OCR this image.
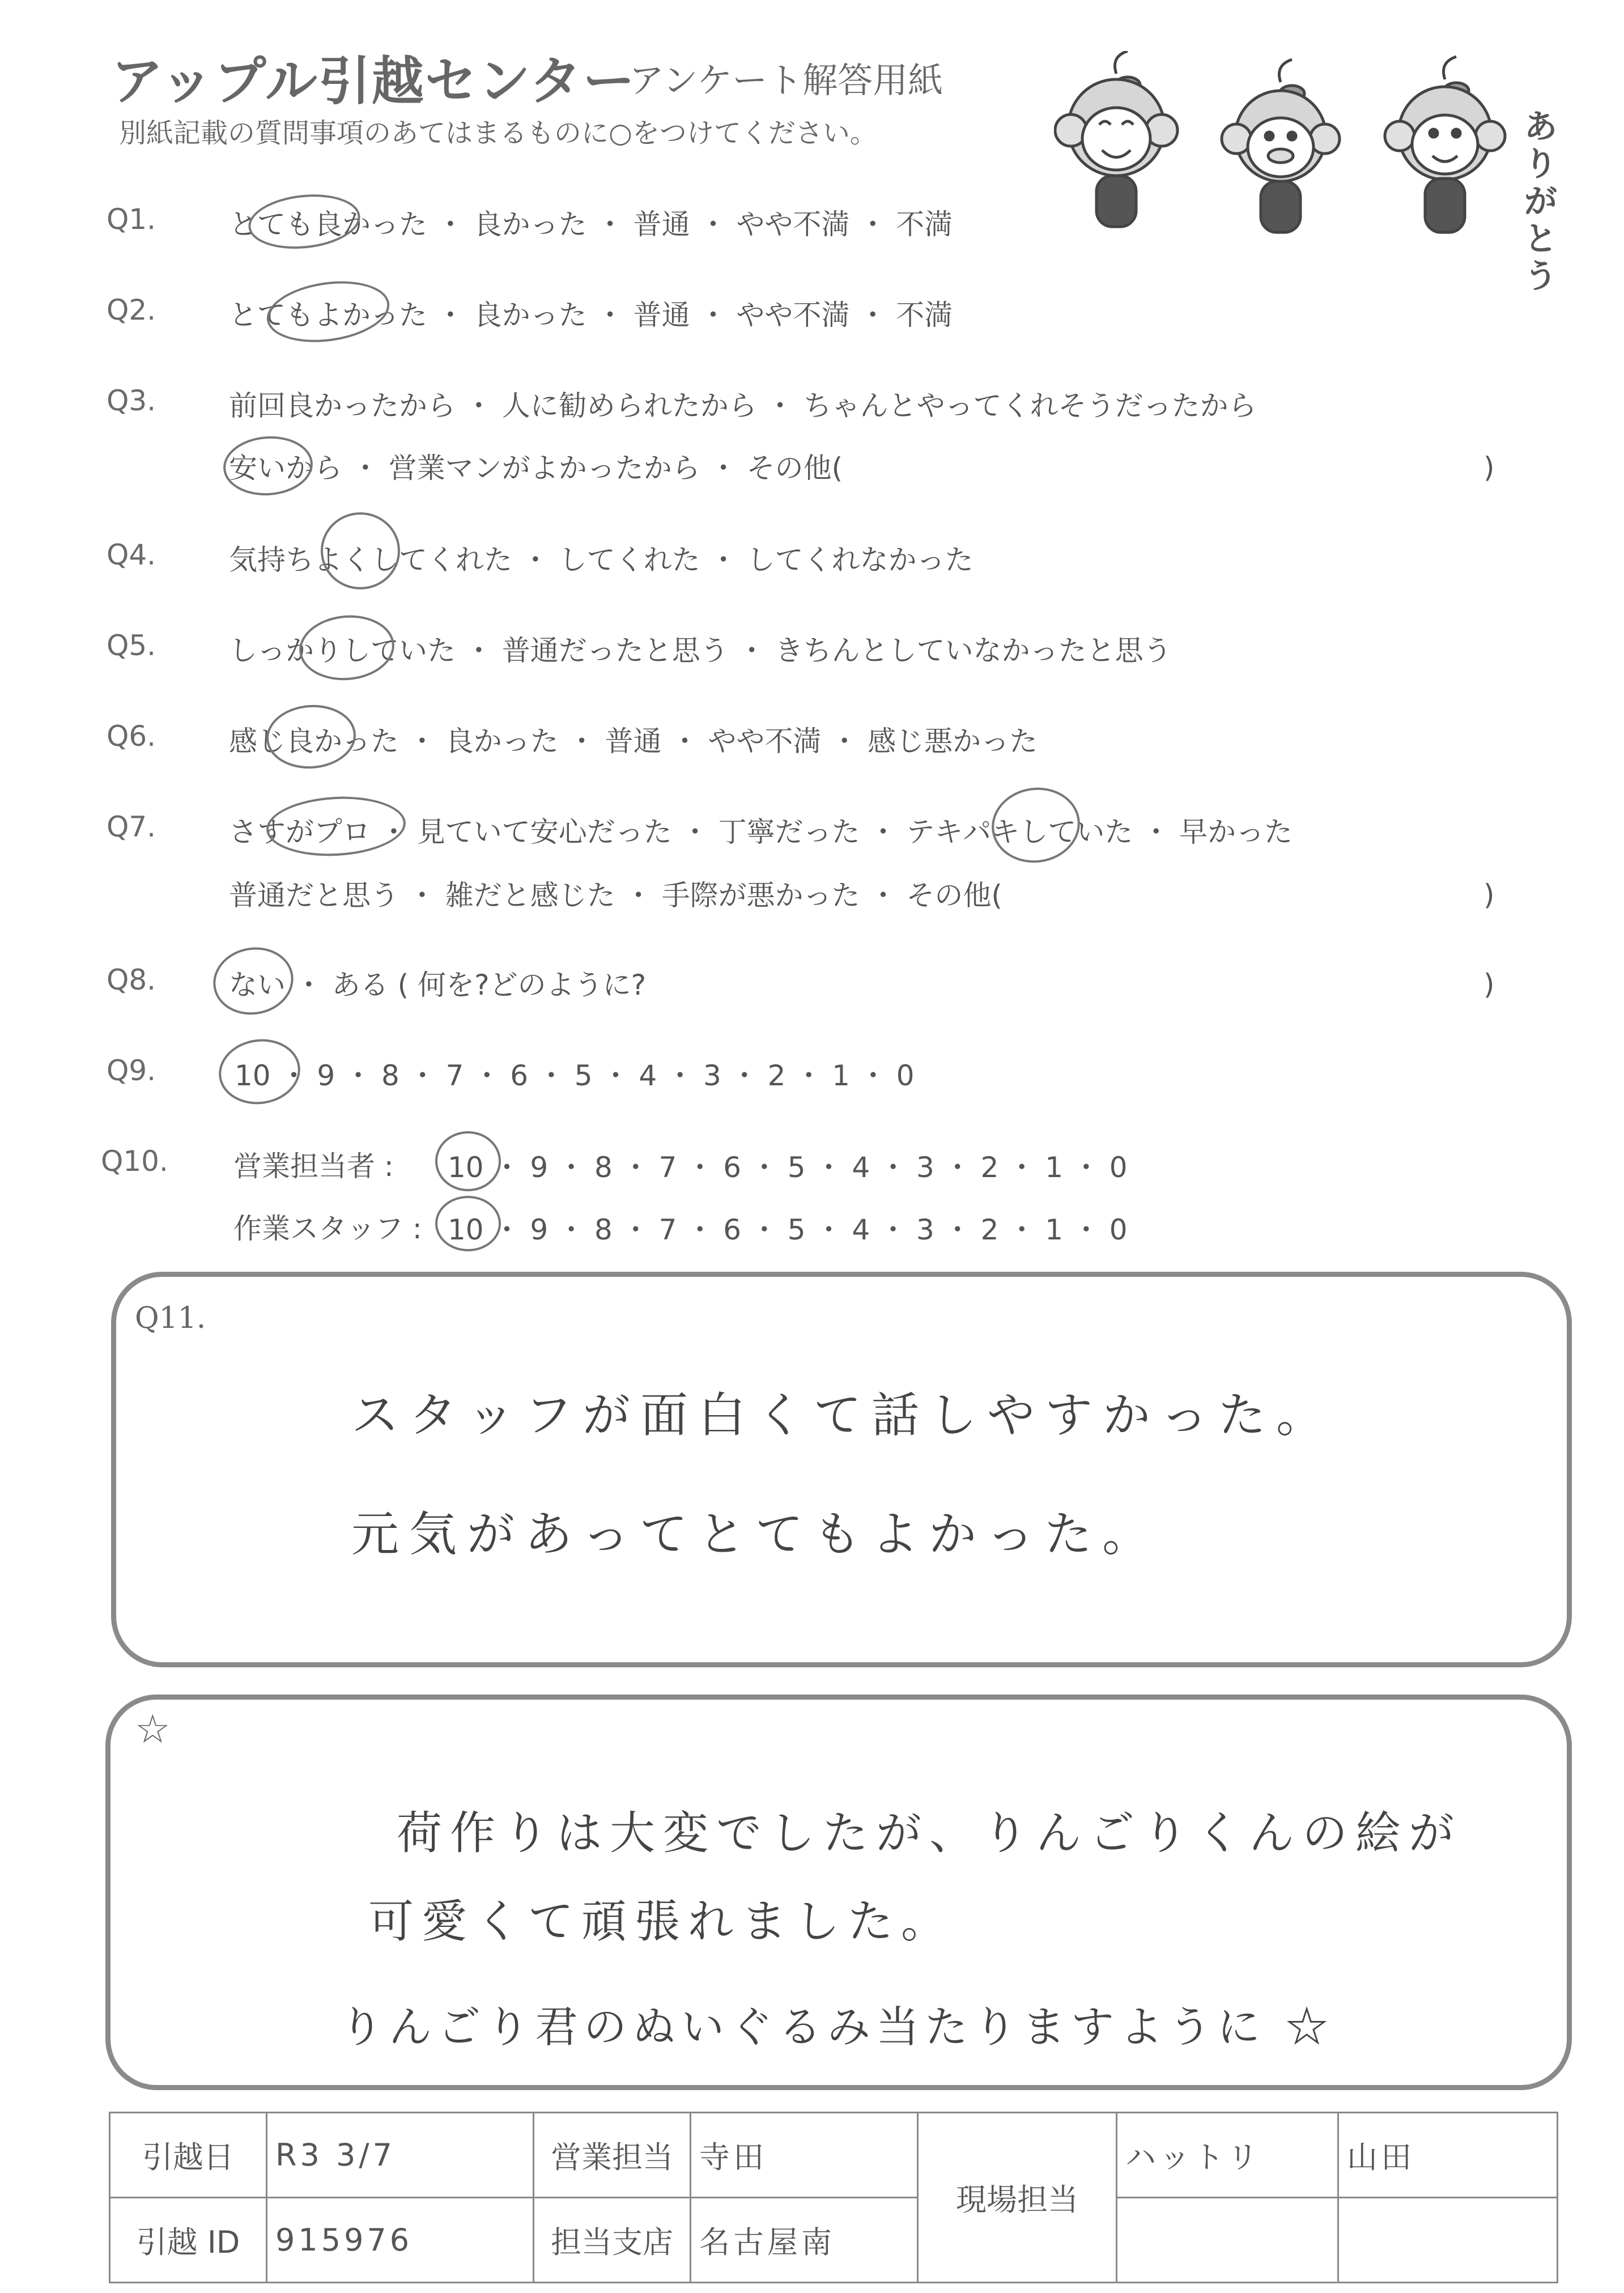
アップル引越センター
アンケート解答用紙
別紙記載の質問事項のあてはまるものに○をつけてください。	ありがとう
Q1.	とても良かった ・ 良かった ・ 普通 ・ やや不満 ・ 不満
Q2.	とてもよかった ・ 良かった ・ 普通 ・ やや不満 ・ 不満
Q3.	前回良かったから ・ 人に勧められたから ・ ちゃんとやってくれそうだったから
安いから ・ 営業マンがよかったから ・ その他(	)
Q4.	気持ちよくしてくれた ・ してくれた ・ してくれなかった
Q5.	しっかりしていた ・ 普通だったと思う ・ きちんとしていなかったと思う
Q6.	感じ良かった ・ 良かった ・ 普通 ・ やや不満 ・ 感じ悪かった
Q7.	さすがプロ ・ 見ていて安心だった ・ 丁寧だった ・ テキパキしていた ・ 早かった
普通だと思う ・ 雑だと感じた ・ 手際が悪かった ・ その他(	)
Q8.	ない ・ ある ( 何を?どのように?	)
Q9.	10 ・ 9 ・ 8 ・ 7 ・ 6 ・ 5 ・ 4 ・ 3 ・ 2 ・ 1 ・ 0
Q10. 営業担当者 : 10 ・ 9 ・ 8 ・ 7 ・ 6 ・ 5 ・ 4 ・ 3 ・ 2 ・ 1 ・ 0
作業スタッフ : 10 ・ 9 ・ 8 ・ 7 ・ 6 ・ 5 ・ 4 ・ 3 ・ 2 ・ 1 ・ 0
Q11.
スタッフが面白くて話しやすかった。
元気があってとてもよかった。
☆
荷作りは大変でしたが、りんごりくんの絵が
可愛くて頑張れました。
りんごり君のぬいぐるみ当たりますように ☆
引越日	R3 3/7	営業担当	寺田	現場担当	ハットリ	山田
引越 ID	915976	担当支店	名古屋南			
